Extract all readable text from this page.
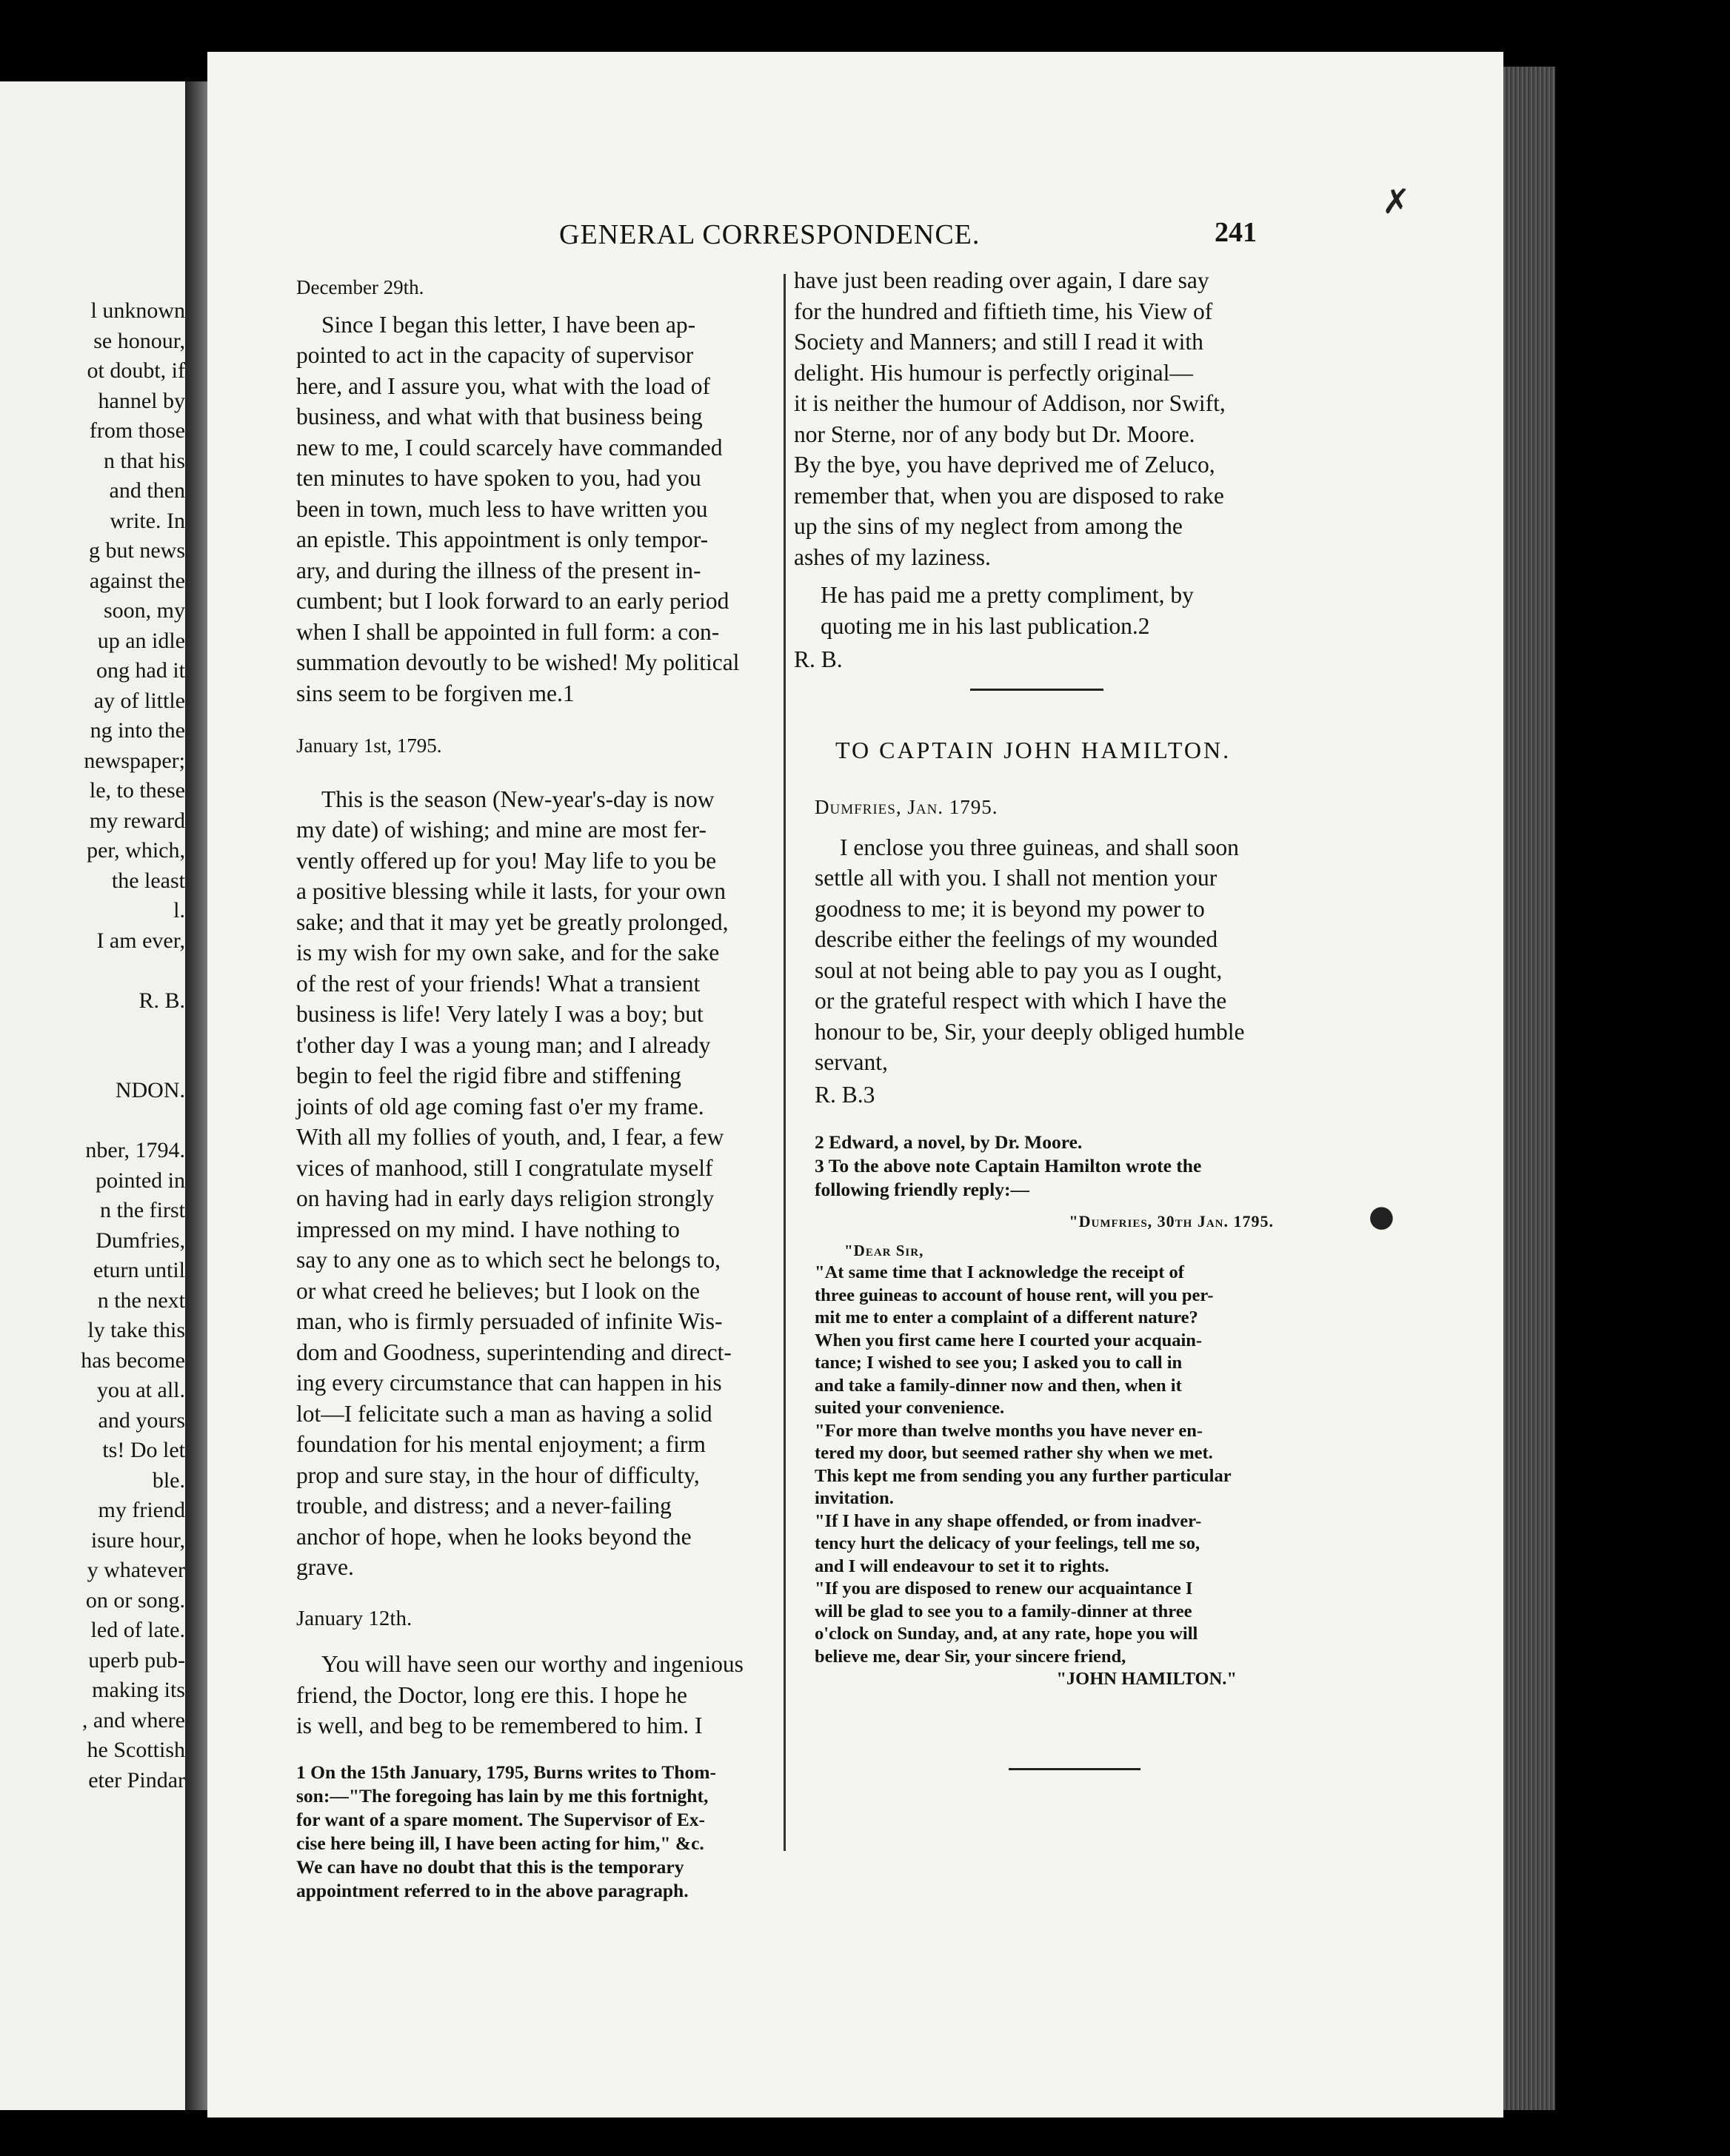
l unknown
se honour,
ot doubt, if
hannel by
from those
n that his
and then
write. In
g but news
against the
soon, my
up an idle
ong had it
ay of little
ng into the
newspaper;
le, to these
my reward
per, which,
the least
l.
I am ever,
R. B.
NDON.
nber, 1794.
pointed in
n the first
Dumfries,
eturn until
n the next
ly take this
has become
you at all.
and yours
ts! Do let
ble.
my friend
isure hour,
y whatever
on or song.
led of late.
uperb pub-
making its
, and where
he Scottish
eter Pindar
GENERAL CORRESPONDENCE.	241

December 29th.

Since I began this letter, I have been ap-
pointed to act in the capacity of supervisor
here, and I assure you, what with the load of
business, and what with that business being
new to me, I could scarcely have commanded
ten minutes to have spoken to you, had you
been in town, much less to have written you
an epistle. This appointment is only tempor-
ary, and during the illness of the present in-
cumbent; but I look forward to an early period
when I shall be appointed in full form: a con-
summation devoutly to be wished! My political
sins seem to be forgiven me.1

January 1st, 1795.

This is the season (New-year's-day is now
my date) of wishing; and mine are most fer-
vently offered up for you! May life to you be
a positive blessing while it lasts, for your own
sake; and that it may yet be greatly prolonged,
is my wish for my own sake, and for the sake
of the rest of your friends! What a transient
business is life! Very lately I was a boy; but
t'other day I was a young man; and I already
begin to feel the rigid fibre and stiffening
joints of old age coming fast o'er my frame.
With all my follies of youth, and, I fear, a few
vices of manhood, still I congratulate myself
on having had in early days religion strongly
impressed on my mind. I have nothing to
say to any one as to which sect he belongs to,
or what creed he believes; but I look on the
man, who is firmly persuaded of infinite Wis-
dom and Goodness, superintending and direct-
ing every circumstance that can happen in his
lot—I felicitate such a man as having a solid
foundation for his mental enjoyment; a firm
prop and sure stay, in the hour of difficulty,
trouble, and distress; and a never-failing
anchor of hope, when he looks beyond the
grave.

January 12th.

You will have seen our worthy and ingenious
friend, the Doctor, long ere this. I hope he
is well, and beg to be remembered to him. I

1 On the 15th January, 1795, Burns writes to Thom-
son:—"The foregoing has lain by me this fortnight,
for want of a spare moment. The Supervisor of Ex-
cise here being ill, I have been acting for him," &c.
We can have no doubt that this is the temporary
appointment referred to in the above paragraph.

have just been reading over again, I dare say
for the hundred and fiftieth time, his View of
Society and Manners; and still I read it with
delight. His humour is perfectly original—
it is neither the humour of Addison, nor Swift,
nor Sterne, nor of any body but Dr. Moore.
By the bye, you have deprived me of Zeluco,
remember that, when you are disposed to rake
up the sins of my neglect from among the
ashes of my laziness.

He has paid me a pretty compliment, by
quoting me in his last publication.2

R. B.

TO CAPTAIN JOHN HAMILTON.

Dumfries, Jan. 1795.

I enclose you three guineas, and shall soon
settle all with you. I shall not mention your
goodness to me; it is beyond my power to
describe either the feelings of my wounded
soul at not being able to pay you as I ought,
or the grateful respect with which I have the
honour to be, Sir, your deeply obliged humble
servant,

R. B.3

2 Edward, a novel, by Dr. Moore.
3 To the above note Captain Hamilton wrote the
following friendly reply:—
"Dumfries, 30th Jan. 1795.
"Dear Sir,
"At same time that I acknowledge the receipt of
three guineas to account of house rent, will you per-
mit me to enter a complaint of a different nature?
When you first came here I courted your acquain-
tance; I wished to see you; I asked you to call in
and take a family-dinner now and then, when it
suited your convenience.
"For more than twelve months you have never en-
tered my door, but seemed rather shy when we met.
This kept me from sending you any further particular
invitation.
"If I have in any shape offended, or from inadver-
tency hurt the delicacy of your feelings, tell me so,
and I will endeavour to set it to rights.
"If you are disposed to renew our acquaintance I
will be glad to see you to a family-dinner at three
o'clock on Sunday, and, at any rate, hope you will
believe me, dear Sir, your sincere friend,
"JOHN HAMILTON."
✗
●
